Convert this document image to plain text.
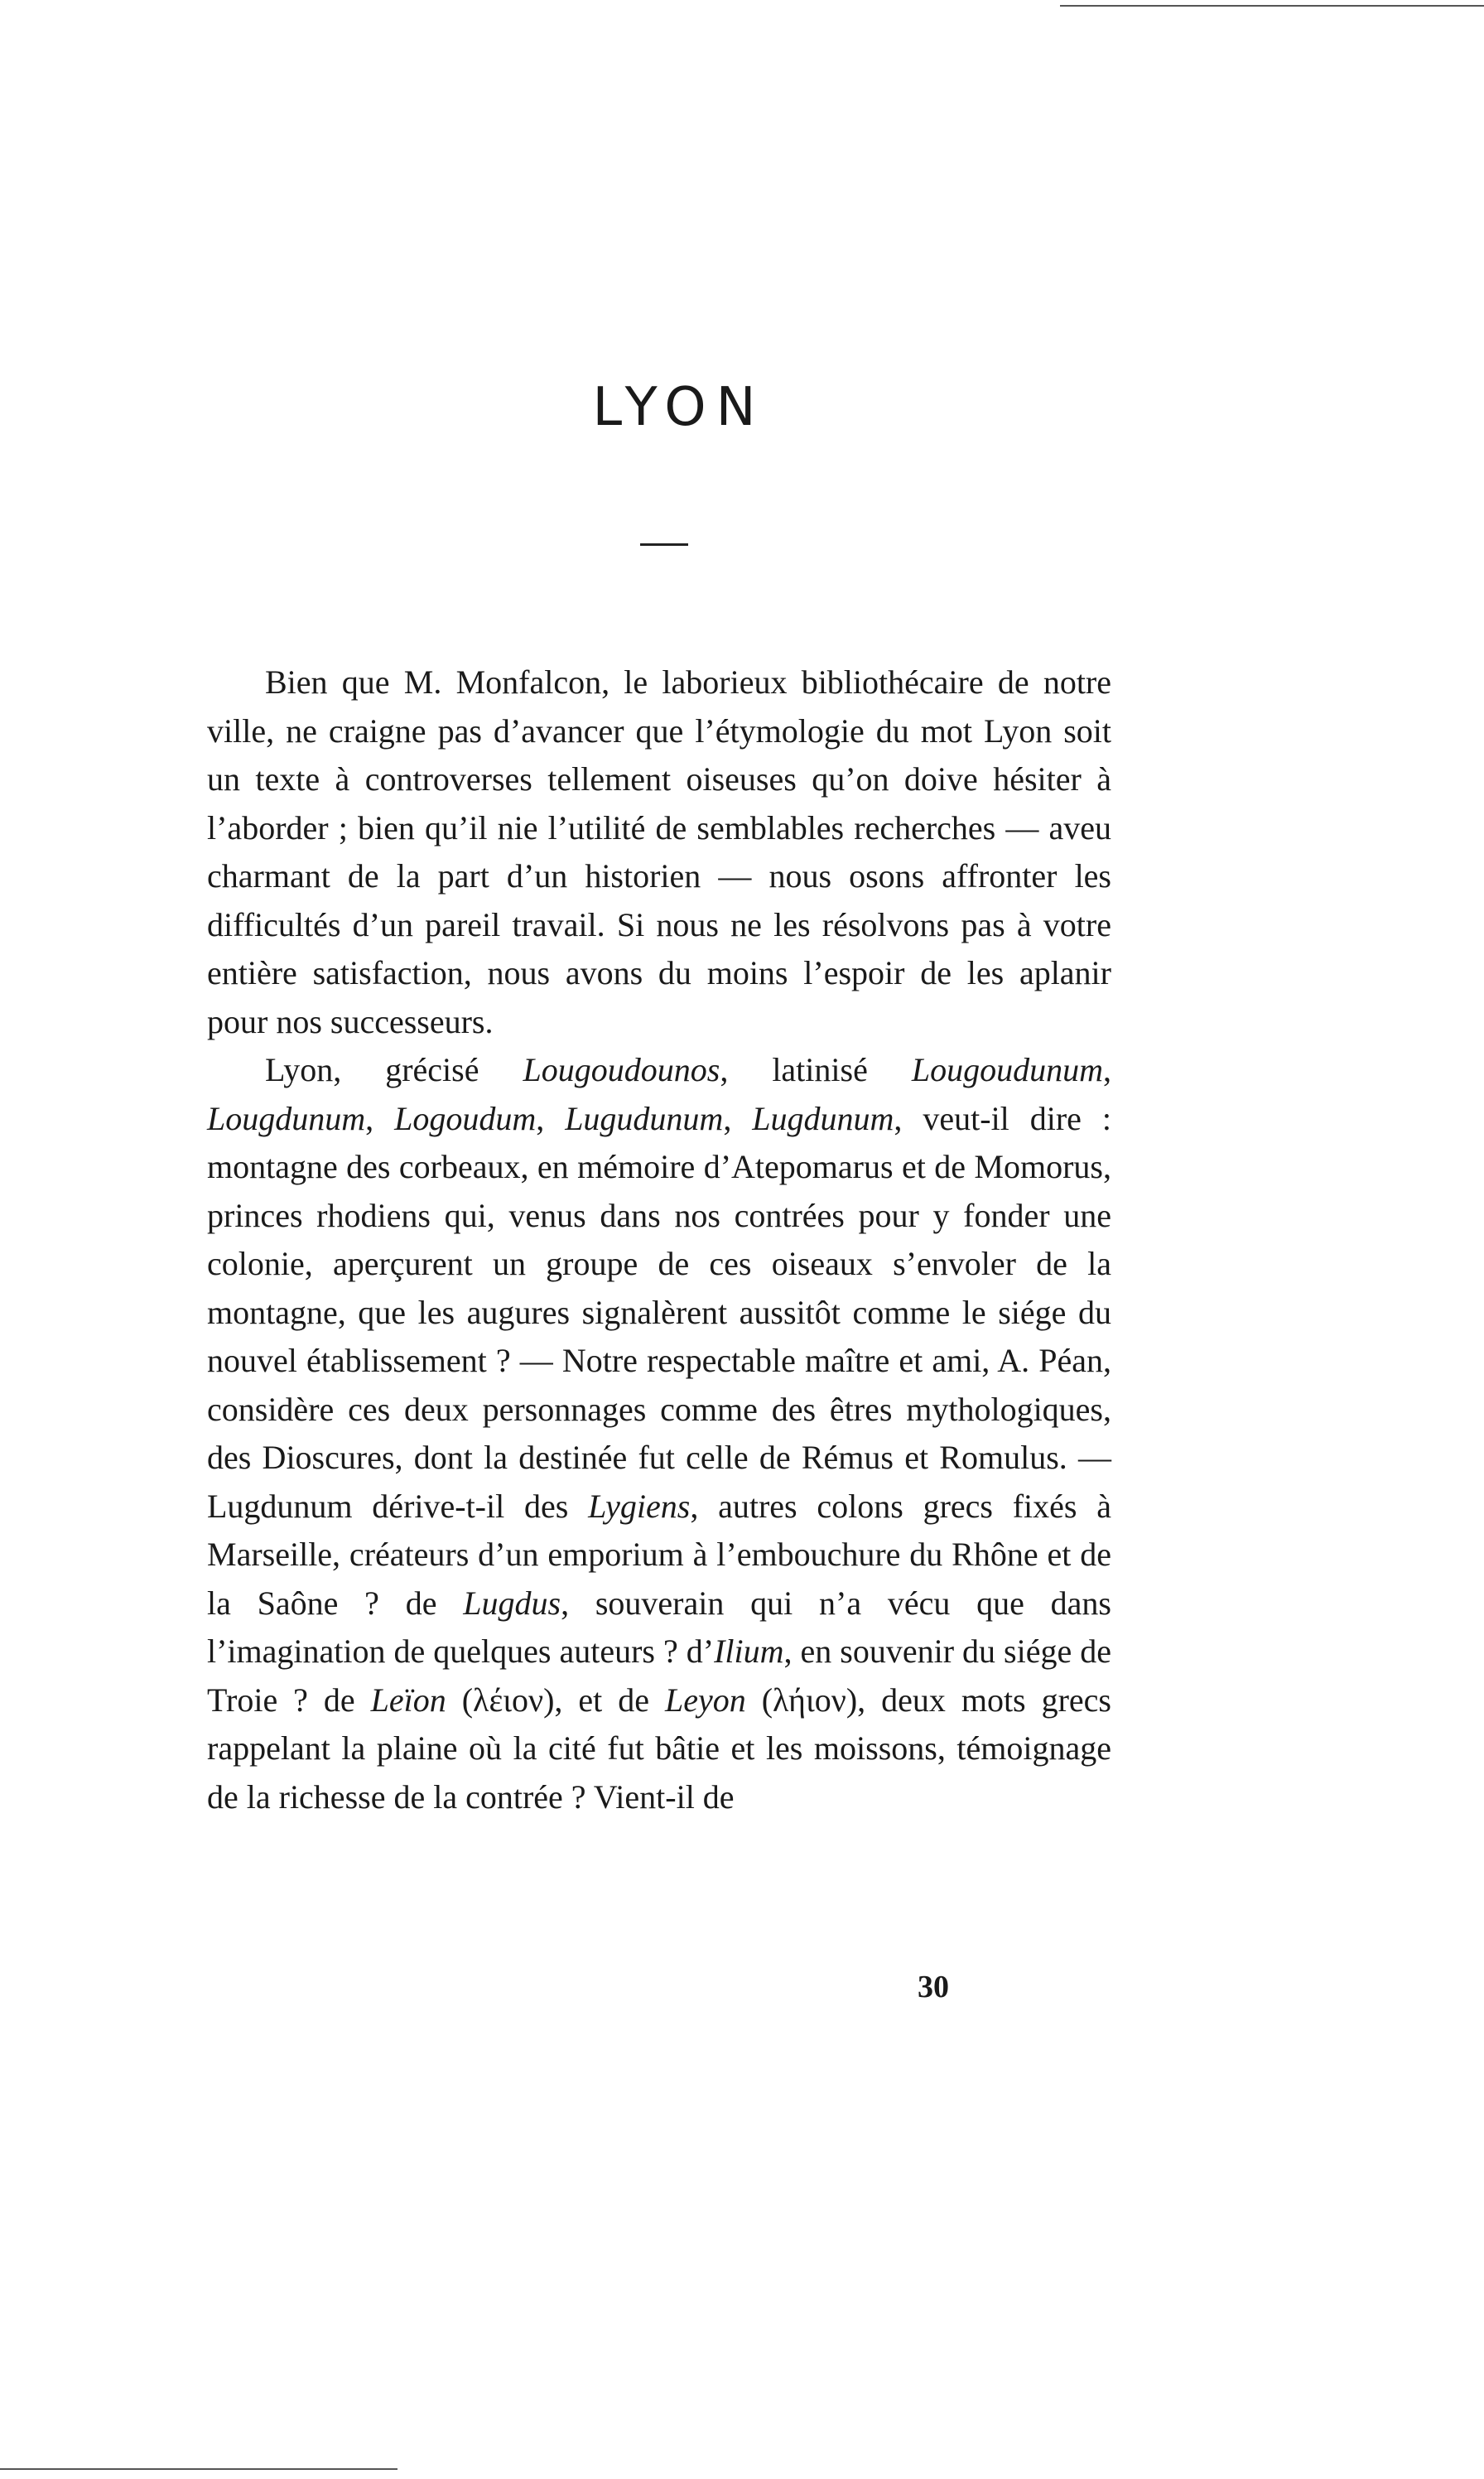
LYON

Bien que M. Monfalcon, le laborieux bibliothécaire de notre ville, ne craigne pas d’avancer que l’étymologie du mot Lyon soit un texte à controverses tellement oiseuses qu’on doive hésiter à l’aborder ; bien qu’il nie l’utilité de semblables recherches — aveu charmant de la part d’un historien — nous osons affronter les difficultés d’un pareil travail. Si nous ne les résolvons pas à votre entière satisfaction, nous avons du moins l’espoir de les aplanir pour nos successeurs.

Lyon, grécisé Lougoudounos, latinisé Lougoudunum, Lougdunum, Logoudum, Lugudunum, Lugdunum, veut-il dire : montagne des corbeaux, en mémoire d’Atepomarus et de Momorus, princes rhodiens qui, venus dans nos contrées pour y fonder une colonie, aperçurent un groupe de ces oiseaux s’envoler de la montagne, que les augures signalèrent aussitôt comme le siége du nouvel établissement ? — Notre respectable maître et ami, A. Péan, considère ces deux personnages comme des êtres mythologiques, des Dioscures, dont la destinée fut celle de Rémus et Romulus. — Lugdunum dérive-t-il des Lygiens, autres colons grecs fixés à Marseille, créateurs d’un emporium à l’embouchure du Rhône et de la Saône ? de Lugdus, souverain qui n’a vécu que dans l’imagination de quelques auteurs ? d’Ilium, en souvenir du siége de Troie ? de Leïon (λέιον), et de Leyon (λήιον), deux mots grecs rappelant la plaine où la cité fut bâtie et les moissons, témoignage de la richesse de la contrée ? Vient-il de

30
